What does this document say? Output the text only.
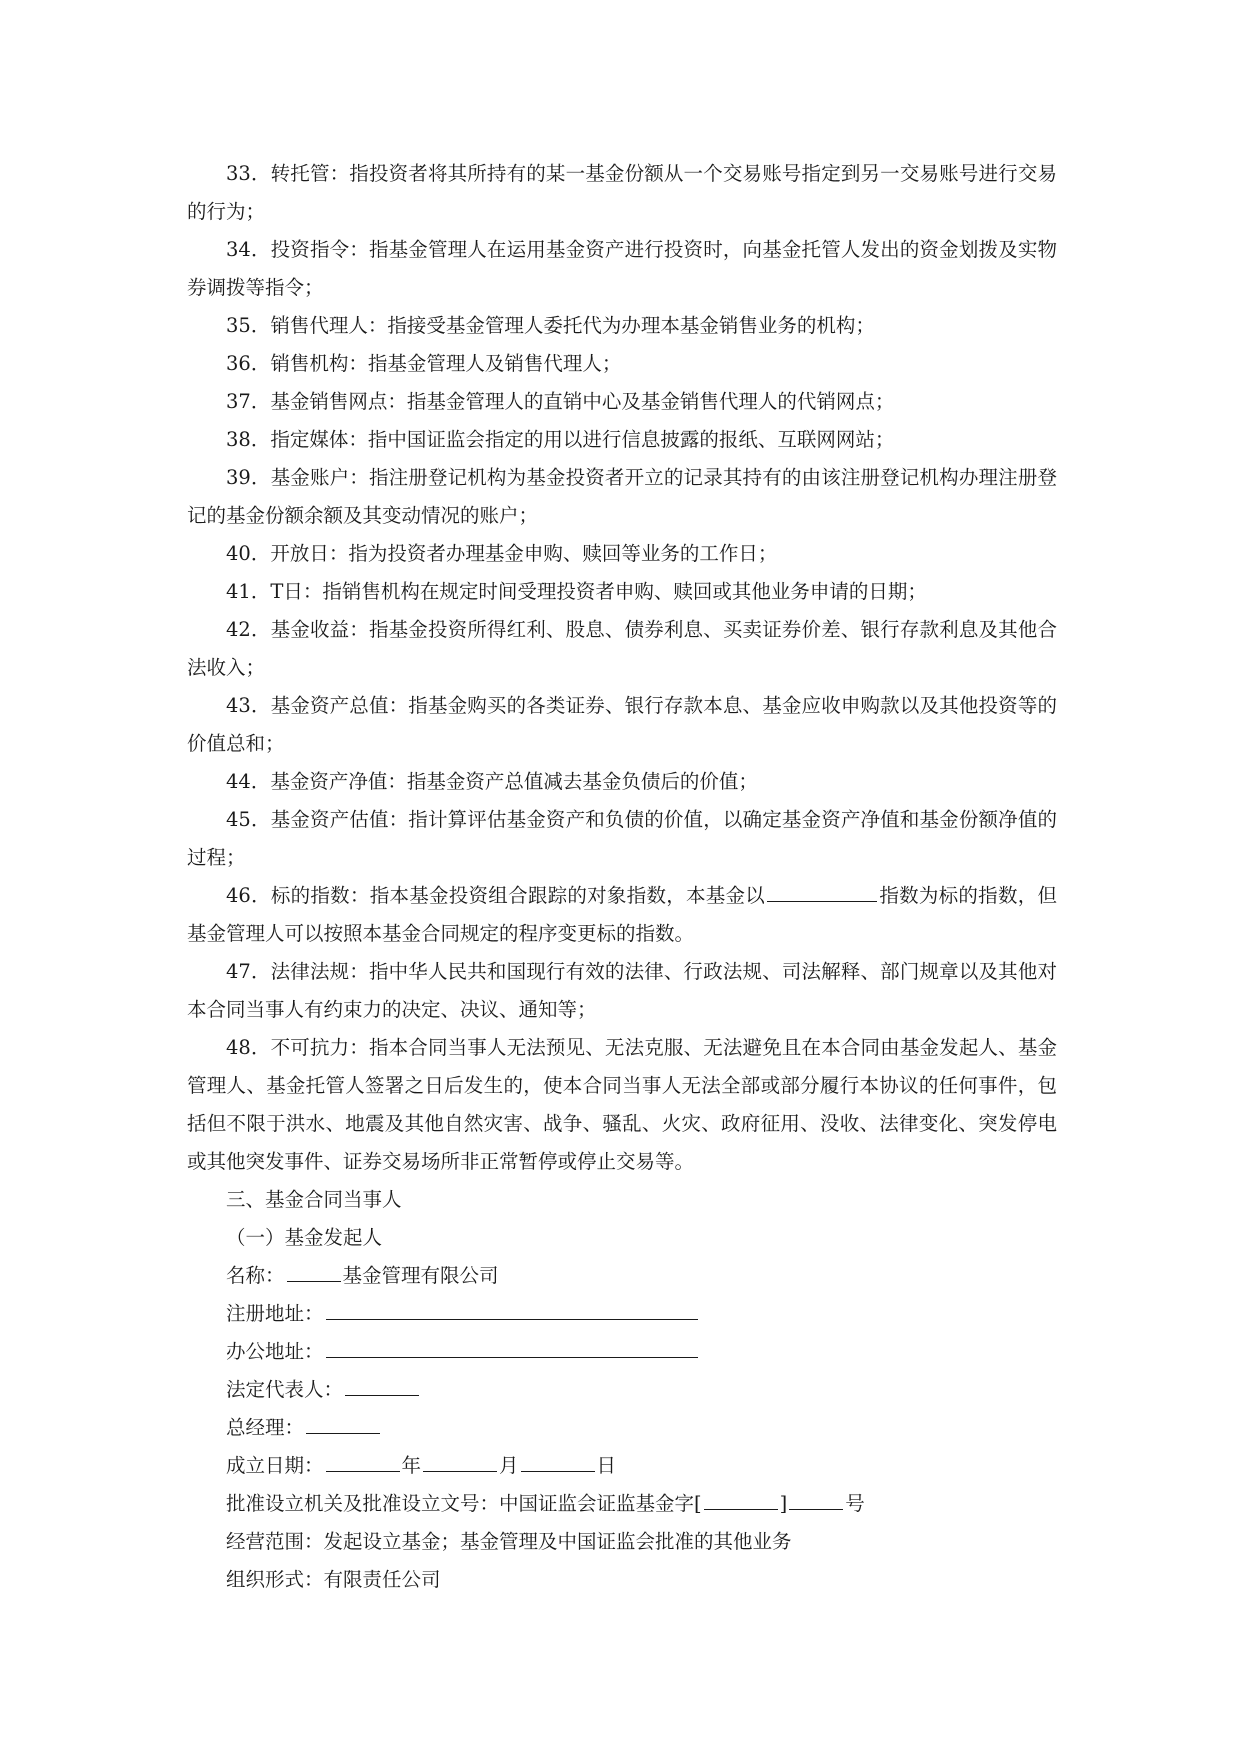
33．转托管：指投资者将其所持有的某一基金份额从一个交易账号指定到另一交易账号进行交易的行为；

34．投资指令：指基金管理人在运用基金资产进行投资时，向基金托管人发出的资金划拨及实物券调拨等指令；

35．销售代理人：指接受基金管理人委托代为办理本基金销售业务的机构；

36．销售机构：指基金管理人及销售代理人；

37．基金销售网点：指基金管理人的直销中心及基金销售代理人的代销网点；

38．指定媒体：指中国证监会指定的用以进行信息披露的报纸、互联网网站；

39．基金账户：指注册登记机构为基金投资者开立的记录其持有的由该注册登记机构办理注册登记的基金份额余额及其变动情况的账户；

40．开放日：指为投资者办理基金申购、赎回等业务的工作日；

41．T日：指销售机构在规定时间受理投资者申购、赎回或其他业务申请的日期；

42．基金收益：指基金投资所得红利、股息、债券利息、买卖证券价差、银行存款利息及其他合法收入；

43．基金资产总值：指基金购买的各类证券、银行存款本息、基金应收申购款以及其他投资等的价值总和；

44．基金资产净值：指基金资产总值减去基金负债后的价值；

45．基金资产估值：指计算评估基金资产和负债的价值，以确定基金资产净值和基金份额净值的过程；

46．标的指数：指本基金投资组合跟踪的对象指数，本基金以	指数为标的指数，但基金管理人可以按照本基金合同规定的程序变更标的指数。

47．法律法规：指中华人民共和国现行有效的法律、行政法规、司法解释、部门规章以及其他对本合同当事人有约束力的决定、决议、通知等；

48．不可抗力：指本合同当事人无法预见、无法克服、无法避免且在本合同由基金发起人、基金管理人、基金托管人签署之日后发生的，使本合同当事人无法全部或部分履行本协议的任何事件，包括但不限于洪水、地震及其他自然灾害、战争、骚乱、火灾、政府征用、没收、法律变化、突发停电或其他突发事件、证券交易场所非正常暂停或停止交易等。

三、基金合同当事人

（一）基金发起人

名称：	基金管理有限公司

注册地址：

办公地址：

法定代表人：

总经理：

成立日期：	年	月	日

批准设立机关及批准设立文号：中国证监会证监基金字[	]	号

经营范围：发起设立基金；基金管理及中国证监会批准的其他业务

组织形式：有限责任公司
